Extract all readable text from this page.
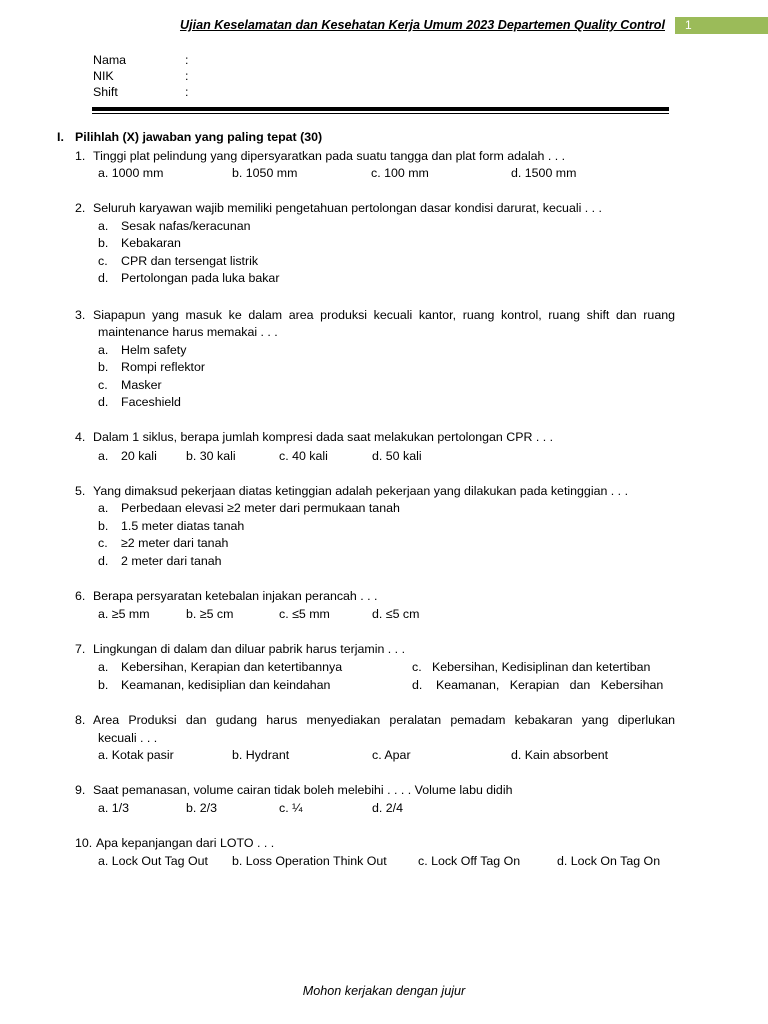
Ujian Keselamatan dan Kesehatan Kerja Umum 2023 Departemen Quality Control	1
Nama	:
NIK	:
Shift	:
I. Pilihlah (X) jawaban yang paling tepat (30)
1. Tinggi plat pelindung yang dipersyaratkan pada suatu tangga dan plat form adalah . . .
a. 1000 mm	b. 1050 mm	c. 100 mm	d. 1500 mm
2. Seluruh karyawan wajib memiliki pengetahuan pertolongan dasar kondisi darurat, kecuali . . .
a. Sesak nafas/keracunan
b. Kebakaran
c. CPR dan tersengat listrik
d. Pertolongan pada luka bakar
3. Siapapun yang masuk ke dalam area produksi kecuali kantor, ruang kontrol, ruang shift dan ruang
maintenance harus memakai . . .
a. Helm safety
b. Rompi reflektor
c. Masker
d. Faceshield
4. Dalam 1 siklus, berapa jumlah kompresi dada saat melakukan pertolongan CPR . . .
a. 20 kali b. 30 kali	c. 40 kali	d. 50 kali
5. Yang dimaksud pekerjaan diatas ketinggian adalah pekerjaan yang dilakukan pada ketinggian . . .
a. Perbedaan elevasi ≥2 meter dari permukaan tanah
b. 1.5 meter diatas tanah
c. ≥2 meter dari tanah
d. 2 meter dari tanah
6. Berapa persyaratan ketebalan injakan perancah . . .
a. ≥5 mm	b. ≥5 cm	c. ≤5 mm	d. ≤5 cm
7. Lingkungan di dalam dan diluar pabrik harus terjamin . . .
a. Kebersihan, Kerapian dan ketertibannya	c. Kebersihan, Kedisiplinan dan ketertiban
b. Keamanan, kedisiplian dan keindahan	d. Keamanan,   Kerapian   dan   Kebersihan
8. Area Produksi dan gudang harus menyediakan peralatan pemadam kebakaran yang diperlukan
kecuali . . .
a. Kotak pasir	b. Hydrant	c. Apar	d. Kain absorbent
9. Saat pemanasan, volume cairan tidak boleh melebihi . . . . Volume labu didih
a. 1/3	b. 2/3	c. ¼	d. 2/4
10. Apa kepanjangan dari LOTO . . .
a. Lock Out Tag Out b. Loss Operation Think Out	c. Lock Off Tag On	d. Lock On Tag On
Mohon kerjakan dengan jujur
